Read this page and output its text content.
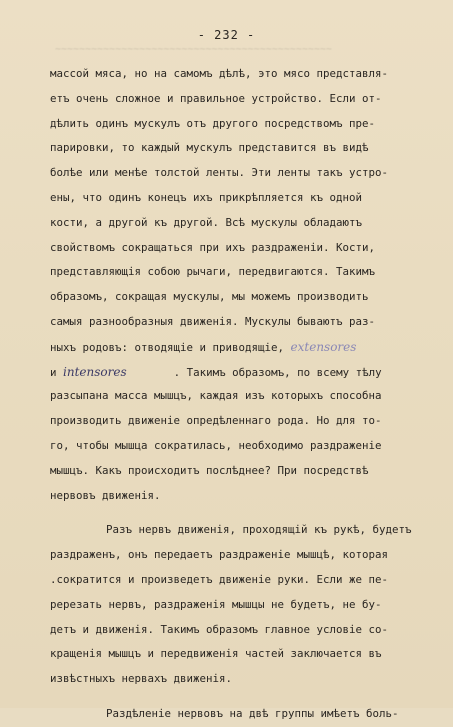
~~~~~~~~~~~~~~~~~~~~~~~~~~~~~~~~~~~~~~~~~~~~~~
- 232 -
массой мяса, но на самомъ дѣлѣ, это мясо представля-
етъ очень сложное и правильное устройство. Если от-
дѣлить одинъ мускулъ отъ другого посредствомъ пре-
парировки, то каждый мускулъ представится въ видѣ
болѣе или менѣе толстой ленты. Эти ленты такъ устро-
ены, что одинъ конецъ ихъ прикрѣпляется къ одной
кости, а другой къ другой. Всѣ мускулы обладаютъ
свойствомъ сокращаться при ихъ раздраженіи. Кости,
представляющія собою рычаги, передвигаются. Такимъ
образомъ, сокращая мускулы, мы можемъ производить
самыя разнообразныя движенія. Мускулы бываютъ раз-
ныхъ родовъ: отводящіе и приводящіе, extensores
и intensores	. Такимъ образомъ, по всему тѣлу
разсыпана масса мышцъ, каждая изъ которыхъ способна
производить движеніе опредѣленнаго рода. Но для то-
го, чтобы мышца сократилась, необходимо раздраженіе
мышцъ. Какъ происходитъ послѣднее? При посредствѣ
нервовъ движенія.
Разъ нервъ движенія, проходящій къ рукѣ, будетъ
раздраженъ, онъ передаетъ раздраженіе мышцѣ, которая
.сократится и произведетъ движеніе руки. Если же пе-
ререзать нервъ, раздраженія мышцы не будетъ, не бу-
детъ и движенія. Такимъ образомъ главное условіе со-
кращенія мышцъ и передвиженія частей заключается въ
извѣстныхъ нервахъ движенія.
Раздѣленіе нервовъ на двѣ группы имѣетъ боль-
